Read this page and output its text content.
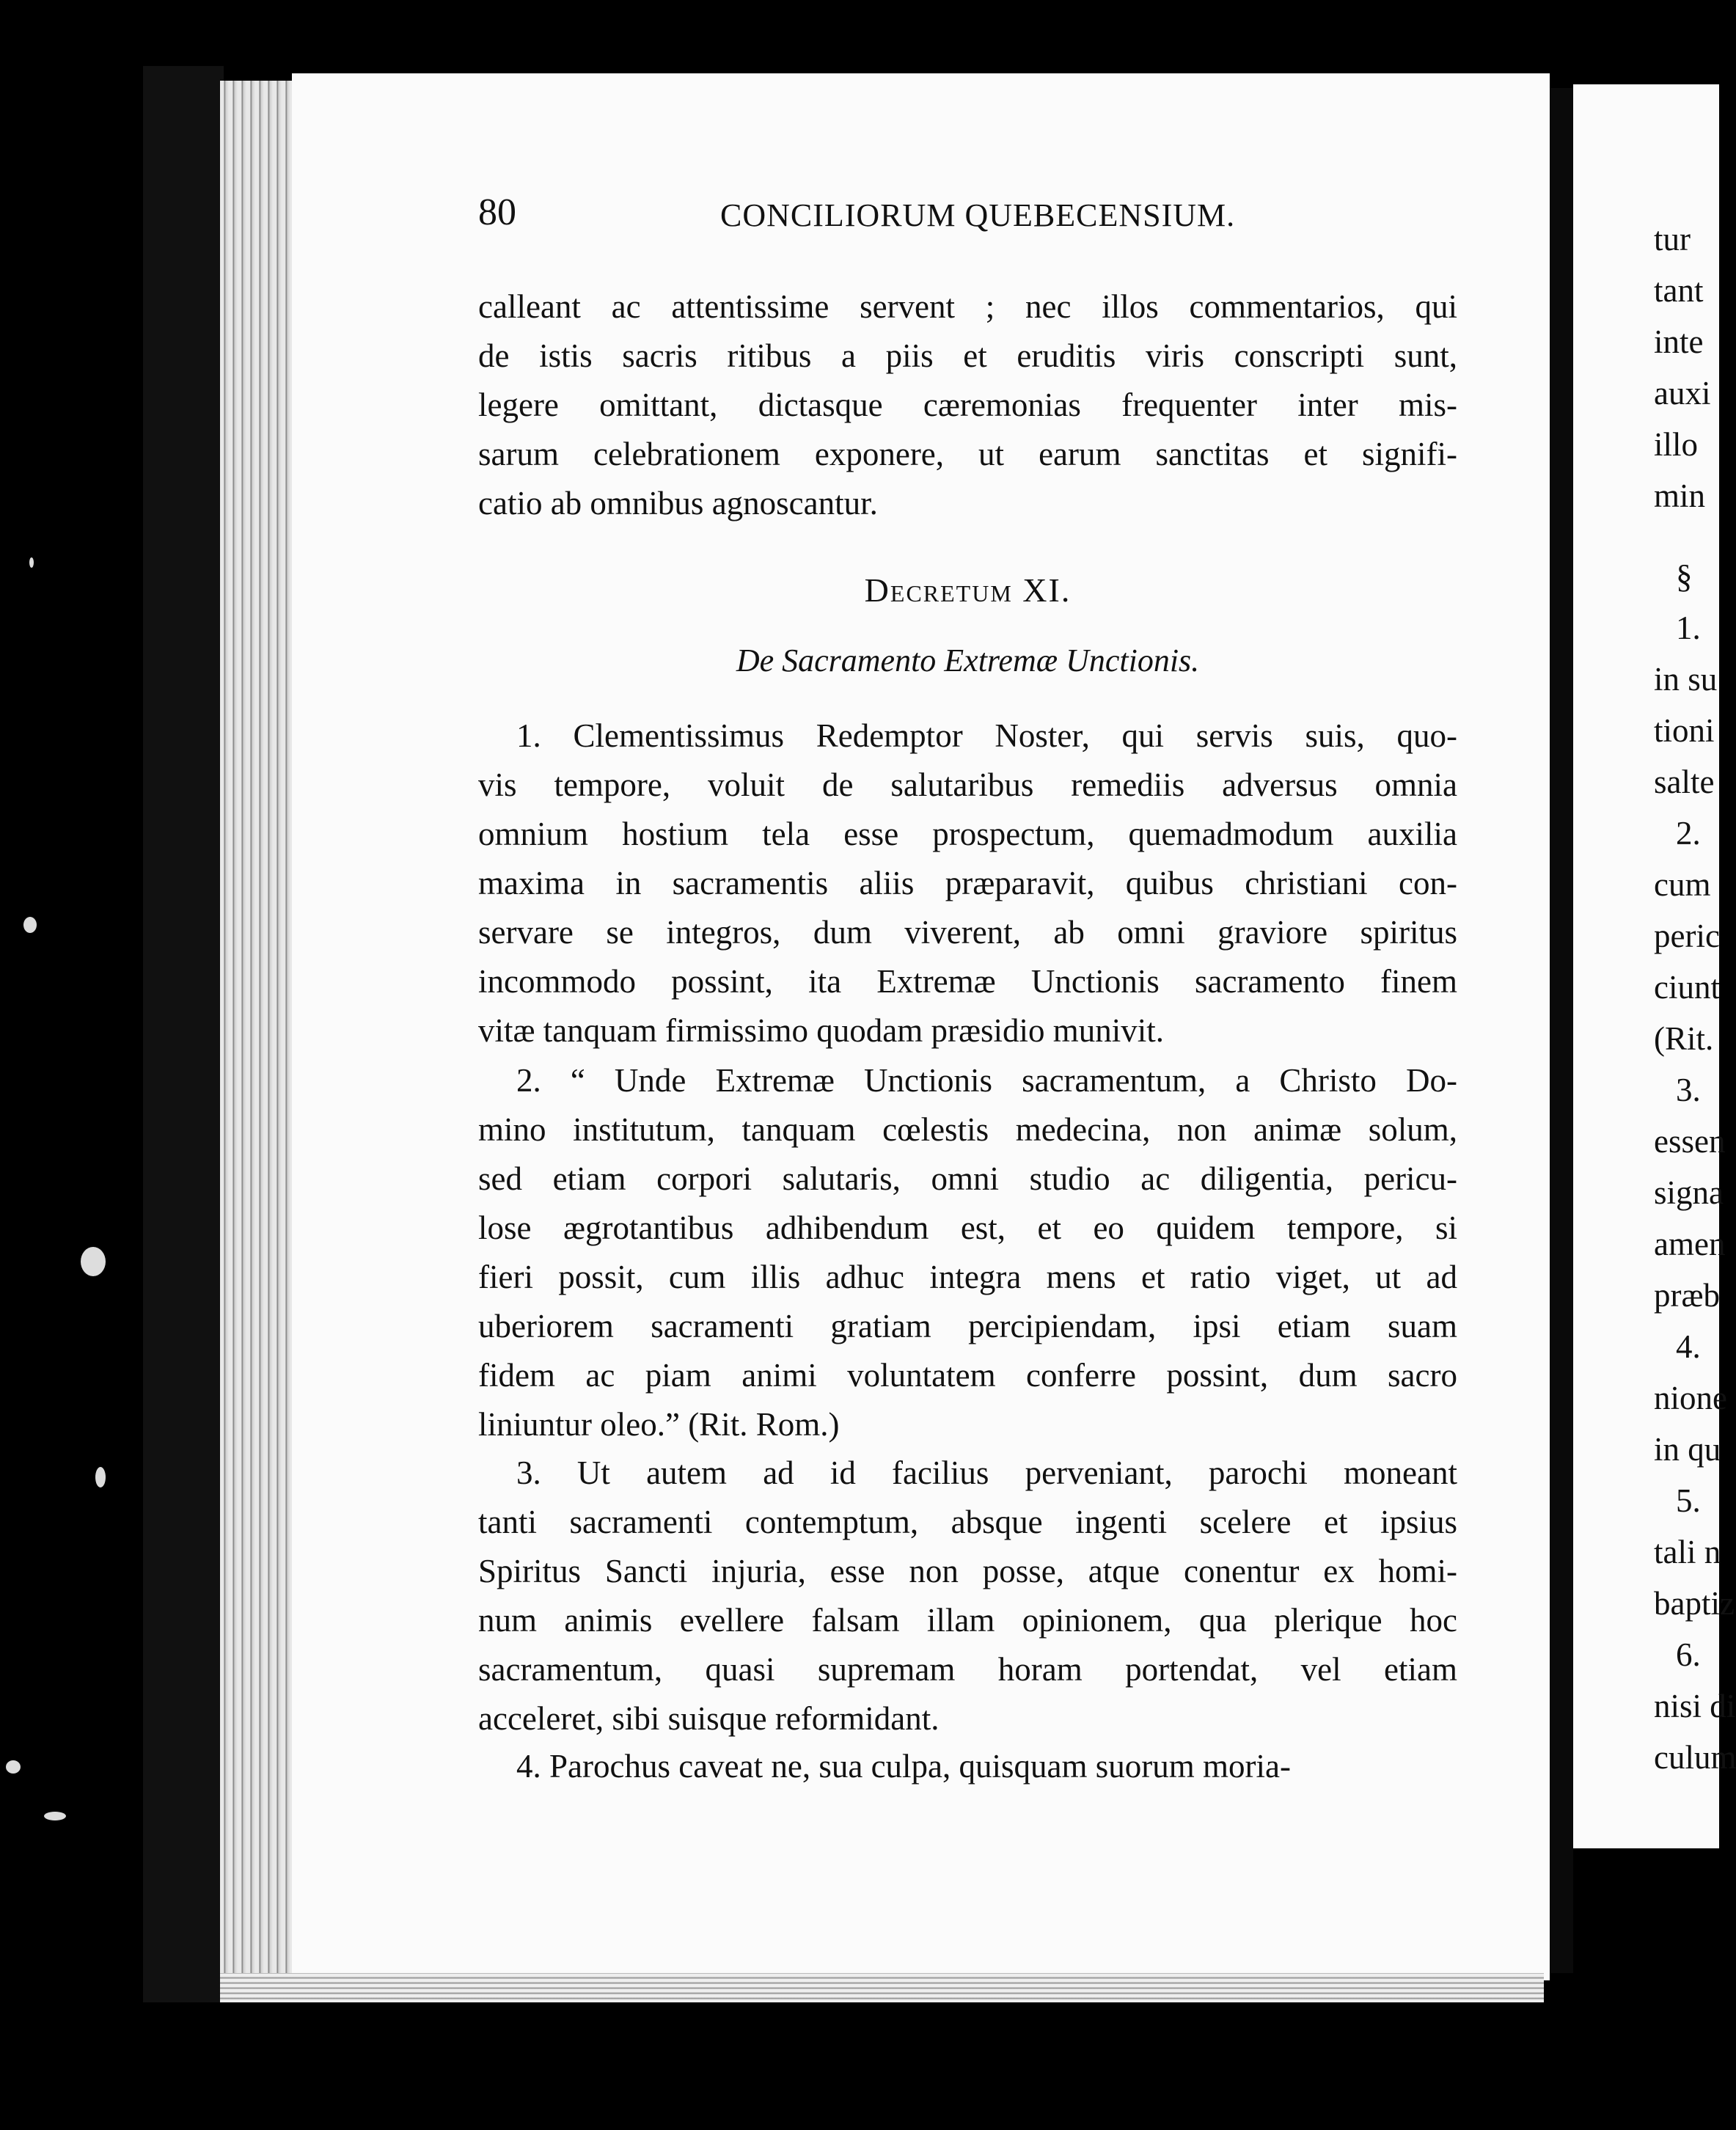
tur
tant
inte
auxi
illo
min
§
1.
in su
tioni
salte
2.
cum
peric
ciunt
(Rit.
3.
essen
signa
amen
præb
4.
nione
in qu
5.
tali n
baptiz
6.
nisi di
culum
80	CONCILIORUM QUEBECENSIUM.
calleant ac attentissime servent ; nec illos commentarios, qui
de istis sacris ritibus a piis et eruditis viris conscripti sunt,
legere omittant, dictasque cæremonias frequenter inter mis-
sarum celebrationem exponere, ut earum sanctitas et signifi-
catio ab omnibus agnoscantur.
Decretum XI.
De Sacramento Extremæ Unctionis.
1. Clementissimus Redemptor Noster, qui servis suis, quo-
vis tempore, voluit de salutaribus remediis adversus omnia
omnium hostium tela esse prospectum, quemadmodum auxilia
maxima in sacramentis aliis præparavit, quibus christiani con-
servare se integros, dum viverent, ab omni graviore spiritus
incommodo possint, ita Extremæ Unctionis sacramento finem
vitæ tanquam firmissimo quodam præsidio munivit.
2. “ Unde Extremæ Unctionis sacramentum, a Christo Do-
mino institutum, tanquam cœlestis medecina, non animæ solum,
sed etiam corpori salutaris, omni studio ac diligentia, pericu-
lose ægrotantibus adhibendum est, et eo quidem tempore, si
fieri possit, cum illis adhuc integra mens et ratio viget, ut ad
uberiorem sacramenti gratiam percipiendam, ipsi etiam suam
fidem ac piam animi voluntatem conferre possint, dum sacro
liniuntur oleo.” (Rit. Rom.)
3. Ut autem ad id facilius perveniant, parochi moneant
tanti sacramenti contemptum, absque ingenti scelere et ipsius
Spiritus Sancti injuria, esse non posse, atque conentur ex homi-
num animis evellere falsam illam opinionem, qua plerique hoc
sacramentum, quasi supremam horam portendat, vel etiam
acceleret, sibi suisque reformidant.
4. Parochus caveat ne, sua culpa, quisquam suorum moria-
